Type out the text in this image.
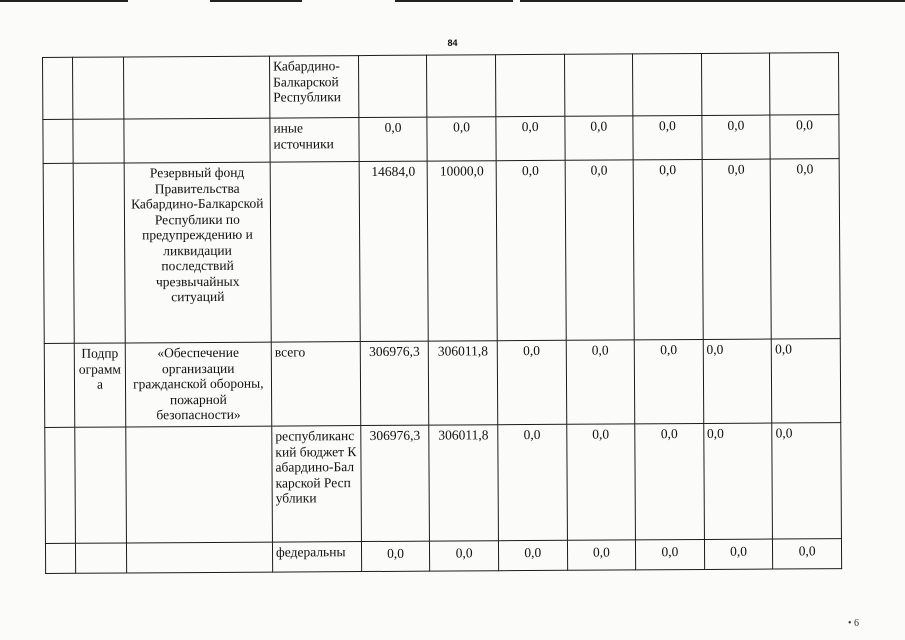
84
			Кабардино-Балкарской Республики							
			иные источники	0,0	0,0	0,0	0,0	0,0	0,0	0,0
		Резервный фонд Правительства Кабардино-Балкарской Республики по предупреждению и ликвидации последствий чрезвычайных ситуаций		14684,0	10000,0	0,0	0,0	0,0	0,0	0,0
	Подпрограмма	«Обеспечение организации гражданской обороны, пожарной безопасности»	всего	306976,3	306011,8	0,0	0,0	0,0	0,0	0,0
			республиканский бюджет Кабардино-Балкарской Республики	306976,3	306011,8	0,0	0,0	0,0	0,0	0,0
			федеральны	0,0	0,0	0,0	0,0	0,0	0,0	0,0
• 6
